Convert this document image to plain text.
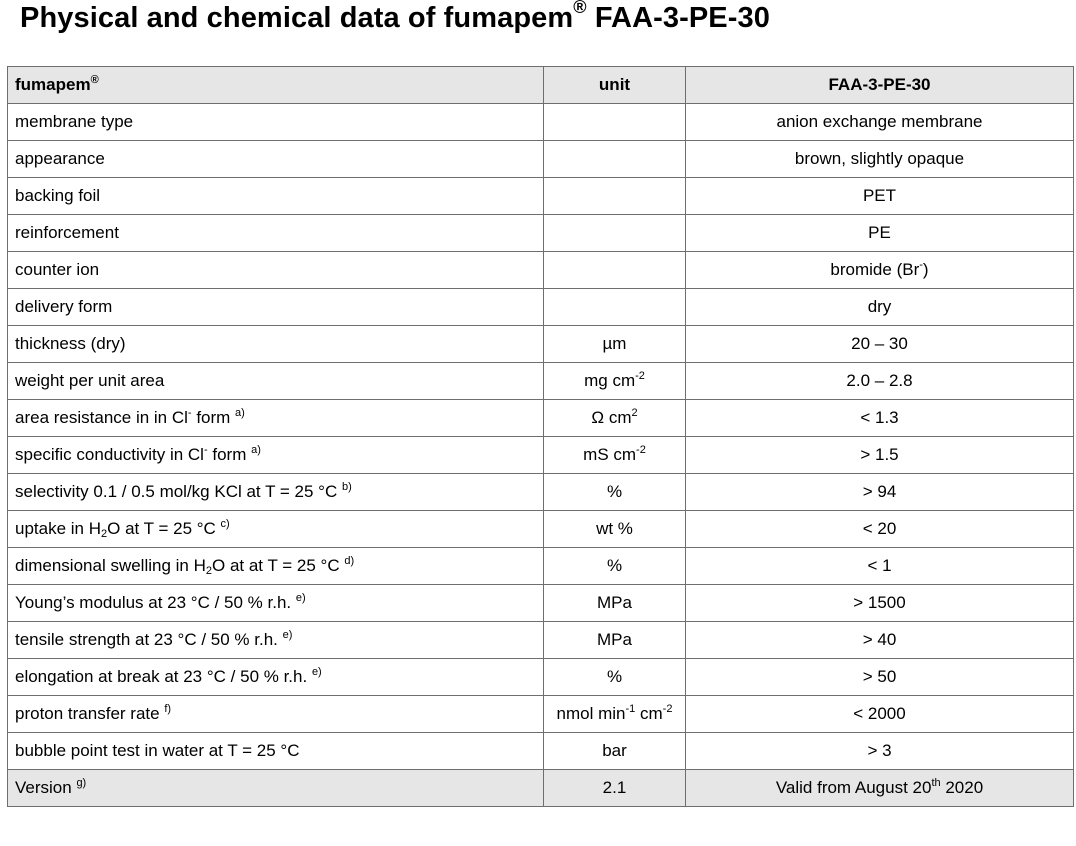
Physical and chemical data of fumapem® FAA-3-PE-30
fumapem®	unit	FAA-3-PE-30
membrane type		anion exchange membrane
appearance		brown, slightly opaque
backing foil		PET
reinforcement		PE
counter ion		bromide (Br-)
delivery form		dry
thickness (dry)	µm	20 – 30
weight per unit area	mg $cm^{-2}$	2.0 – 2.8
area resistance in in Cl- form $^{a)}$	Ω $cm^2$	< 1.3
specific conductivity in Cl- form $^{a)}$	mS $cm^{-2}$	> 1.5
selectivity 0.1 / 0.5 mol/kg KCl at T = 25 °C $^{b)}$	%	> 94
uptake in $H_2O$ at T = 25 °C $^{c)}$	wt %	< 20
dimensional swelling in $H_2O$ at at T = 25 °C $^{d)}$	%	< 1
Young’s modulus at 23 °C / 50 % r.h. $^{e)}$	MPa	> 1500
tensile strength at 23 °C / 50 % r.h. $^{e)}$	MPa	> 40
elongation at break at 23 °C / 50 % r.h. $^{e)}$	%	> 50
proton transfer rate $^{f)}$	nmol $\min^{-1} cm^{-2}$	< 2000
bubble point test in water at T = 25 °C	bar	> 3
Version $^{g)}$	2.1	Valid from August 20th 2020
